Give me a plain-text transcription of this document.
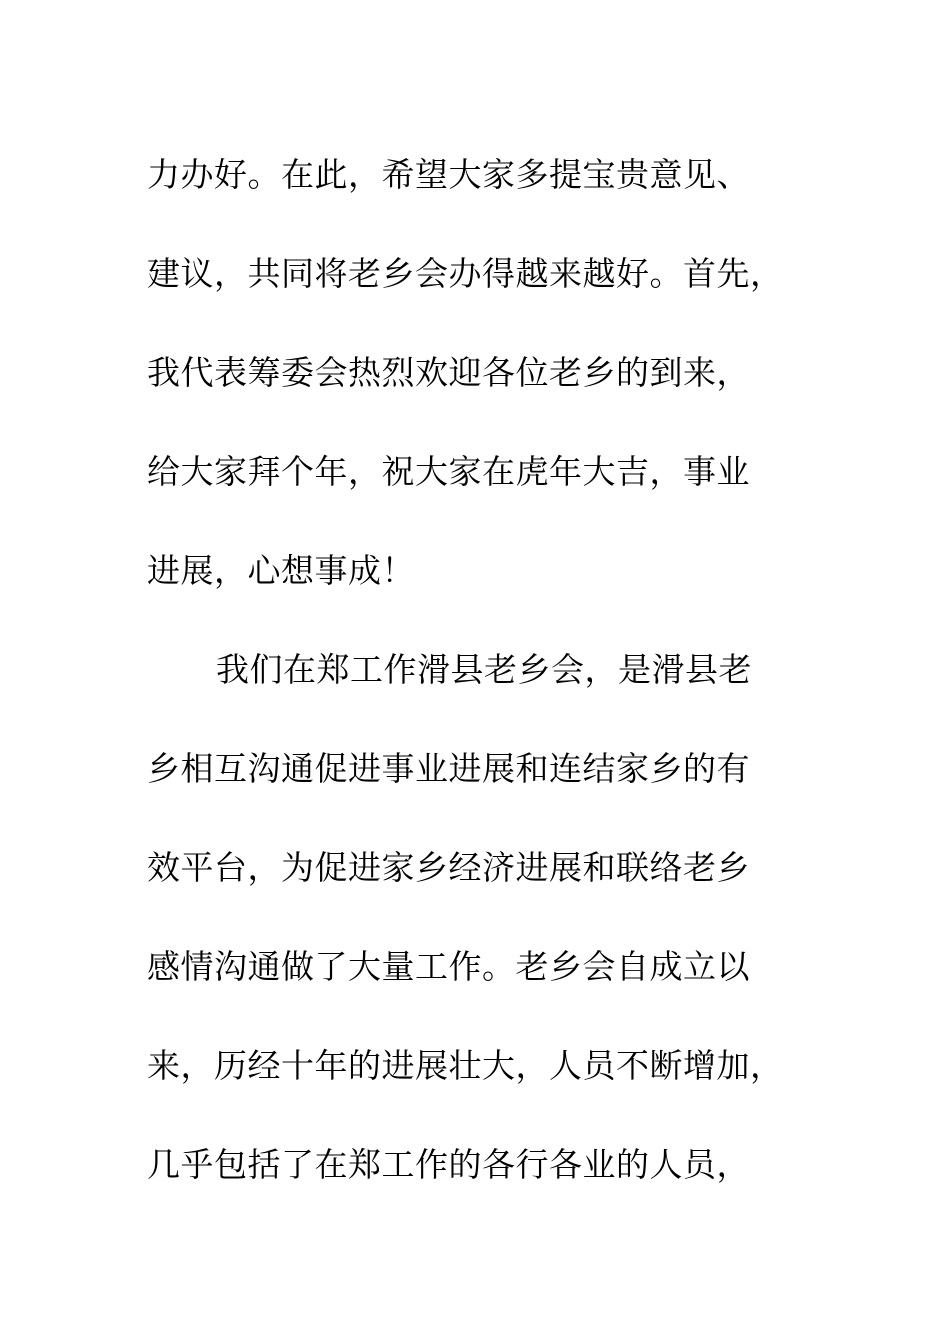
力办好。在此，希望大家多提宝贵意见、
建议，共同将老乡会办得越来越好。首先，
我代表筹委会热烈欢迎各位老乡的到来，
给大家拜个年，祝大家在虎年大吉，事业
进展，心想事成！
我们在郑工作滑县老乡会，是滑县老
乡相互沟通促进事业进展和连结家乡的有
效平台，为促进家乡经济进展和联络老乡
感情沟通做了大量工作。老乡会自成立以
来，历经十年的进展壮大，人员不断增加，
几乎包括了在郑工作的各行各业的人员，
